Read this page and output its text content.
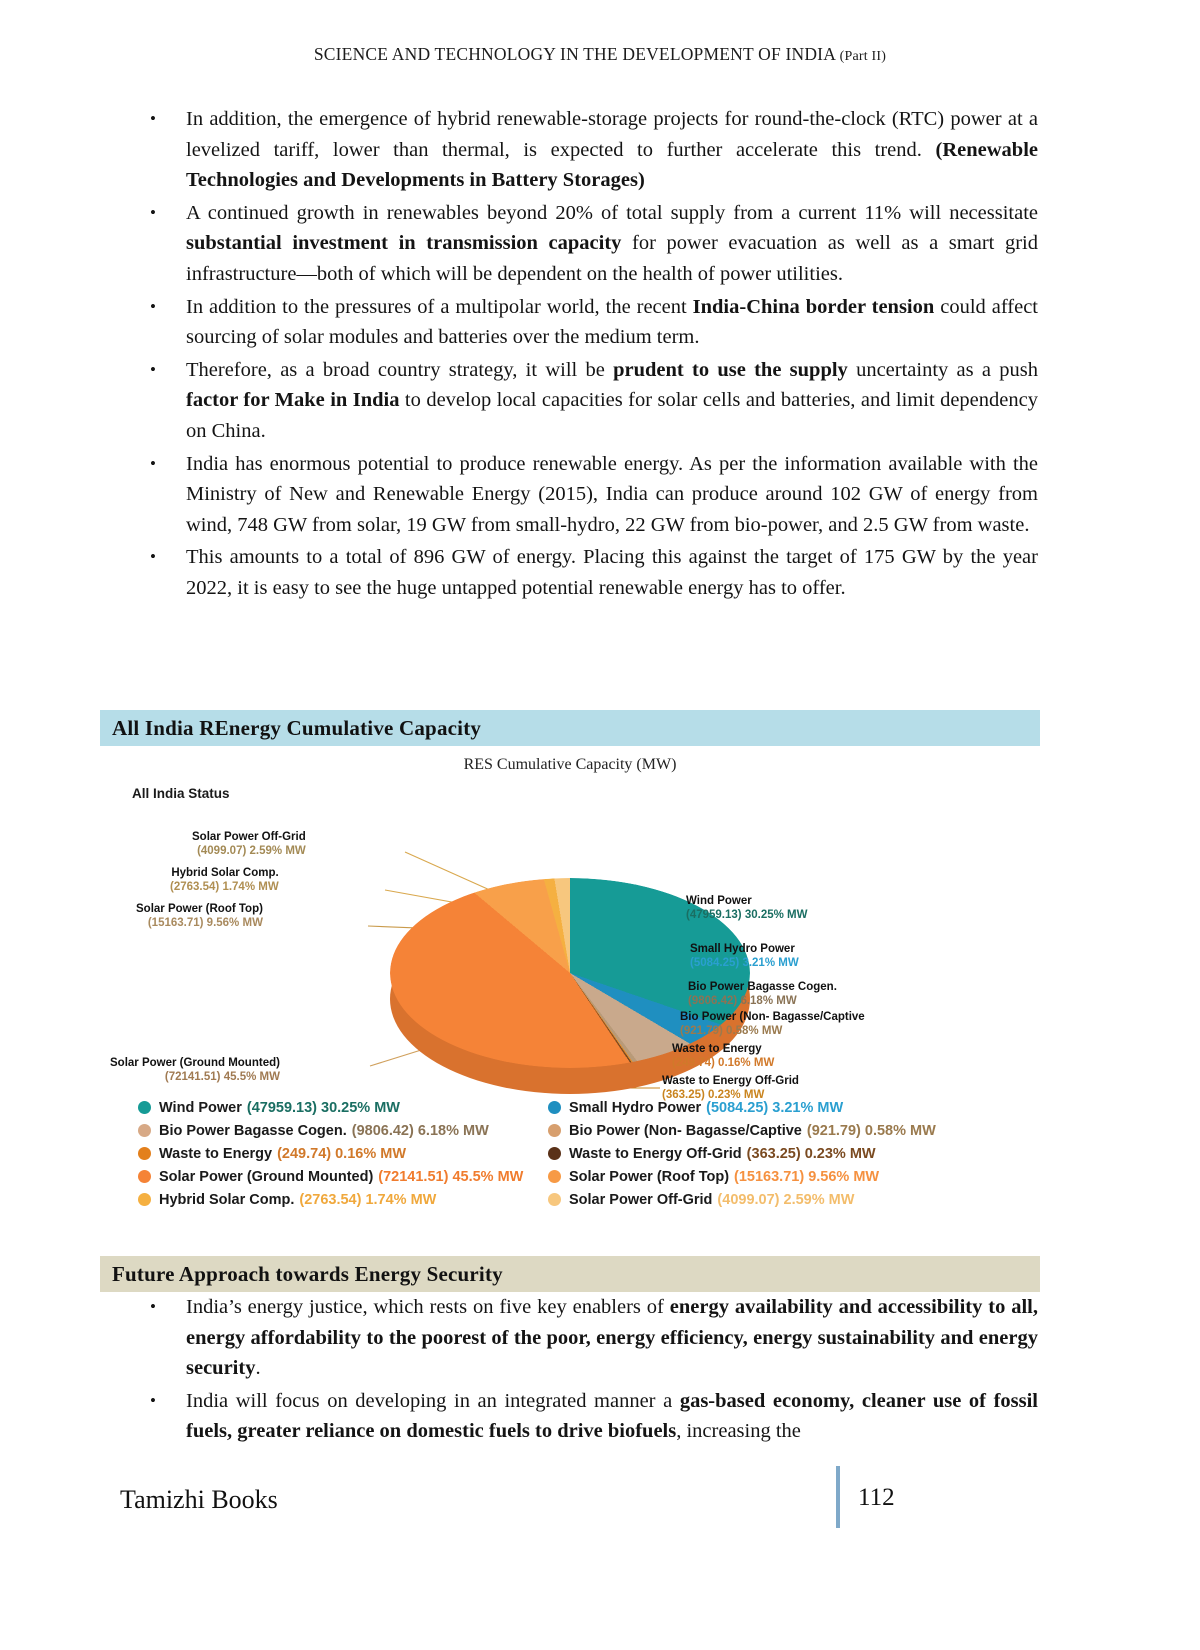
SCIENCE AND TECHNOLOGY IN THE DEVELOPMENT OF INDIA (Part II)
• In addition, the emergence of hybrid renewable-storage projects for round-the-clock (RTC) power at a levelized tariff, lower than thermal, is expected to further accelerate this trend. (Renewable Technologies and Developments in Battery Storages)
• A continued growth in renewables beyond 20% of total supply from a current 11% will necessitate substantial investment in transmission capacity for power evacuation as well as a smart grid infrastructure—both of which will be dependent on the health of power utilities.
• In addition to the pressures of a multipolar world, the recent India-China border tension could affect sourcing of solar modules and batteries over the medium term.
• Therefore, as a broad country strategy, it will be prudent to use the supply uncertainty as a push factor for Make in India to develop local capacities for solar cells and batteries, and limit dependency on China.
• India has enormous potential to produce renewable energy. As per the information available with the Ministry of New and Renewable Energy (2015), India can produce around 102 GW of energy from wind, 748 GW from solar, 19 GW from small-hydro, 22 GW from bio-power, and 2.5 GW from waste.
• This amounts to a total of 896 GW of energy. Placing this against the target of 175 GW by the year 2022, it is easy to see the huge untapped potential renewable energy has to offer.
All India REnergy Cumulative Capacity
RES Cumulative Capacity (MW)
All India Status
Solar Power Off-Grid
(4099.07) 2.59% MW
Hybrid Solar Comp.
(2763.54) 1.74% MW
Solar Power (Roof Top)
(15163.71) 9.56% MW
Solar Power (Ground Mounted)
(72141.51) 45.5% MW
Wind Power
(47959.13) 30.25% MW
Small Hydro Power
(5084.25) 3.21% MW
Bio Power Bagasse Cogen.
(9806.42) 6.18% MW
Bio Power (Non- Bagasse/Captive
(921.79) 0.58% MW
Waste to Energy
(249.74) 0.16% MW
Waste to Energy Off-Grid
(363.25) 0.23% MW
Wind Power (47959.13) 30.25% MW	Small Hydro Power (5084.25) 3.21% MW
Bio Power Bagasse Cogen. (9806.42) 6.18% MW	Bio Power (Non- Bagasse/Captive (921.79) 0.58% MW
Waste to Energy (249.74) 0.16% MW	Waste to Energy Off-Grid (363.25) 0.23% MW
Solar Power (Ground Mounted) (72141.51) 45.5% MW	Solar Power (Roof Top) (15163.71) 9.56% MW
Hybrid Solar Comp. (2763.54) 1.74% MW	Solar Power Off-Grid (4099.07) 2.59% MW
Future Approach towards Energy Security
• India’s energy justice, which rests on five key enablers of energy availability and accessibility to all, energy affordability to the poorest of the poor, energy efficiency, energy sustainability and energy security.
• India will focus on developing in an integrated manner a gas-based economy, cleaner use of fossil fuels, greater reliance on domestic fuels to drive biofuels, increasing the
Tamizhi Books	112
